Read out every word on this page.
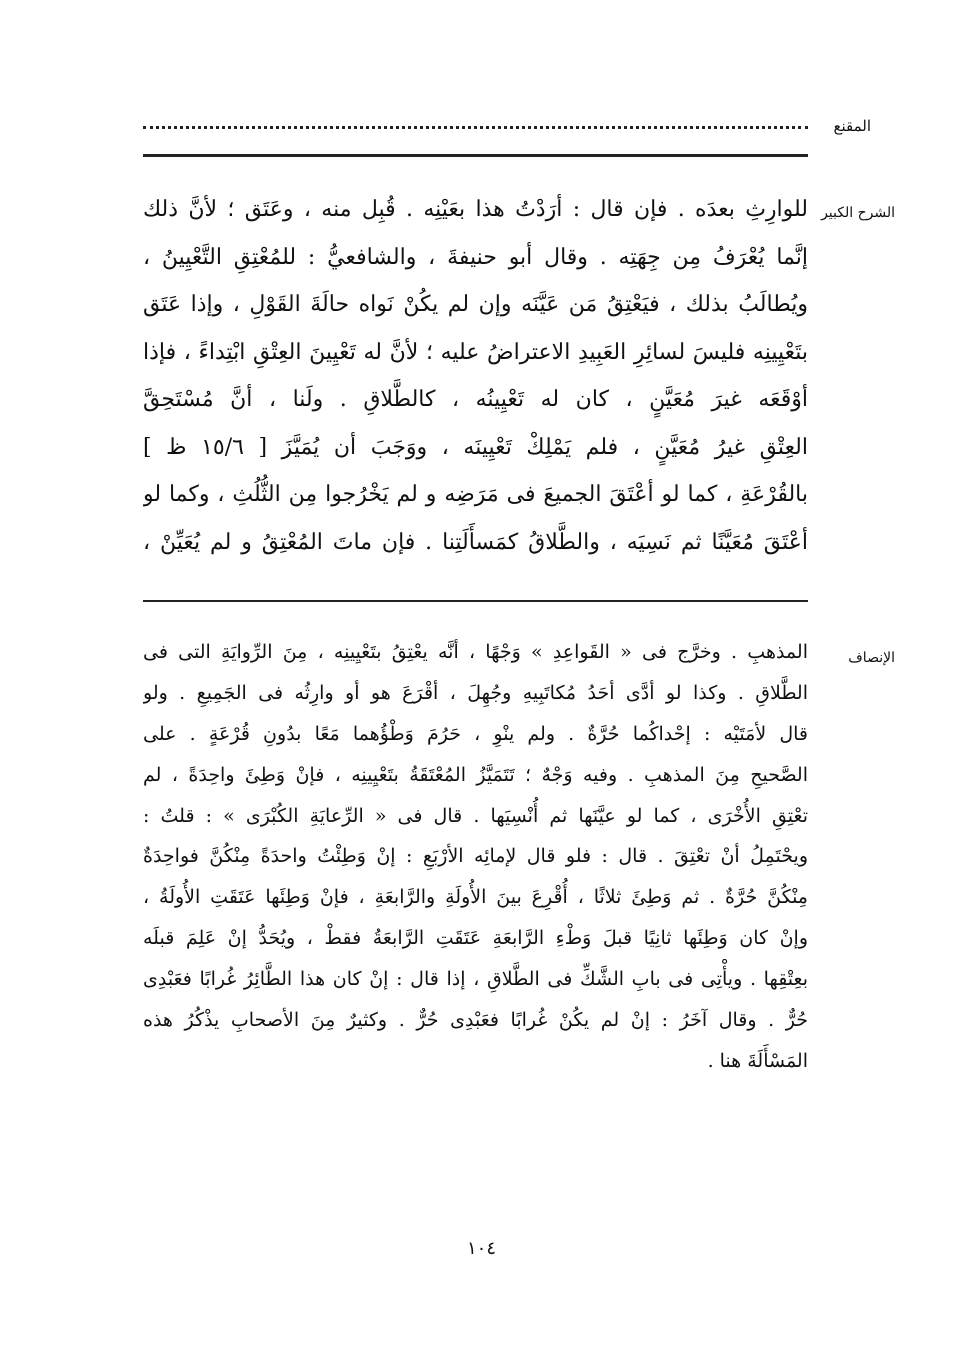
المقنع
الشرح الكبير

للوارِثِ بعدَه . فإن قال : أرَدْتُ هذا بعَيْنِه . قُبِل منه ، وعَتَق ؛ لأنَّ ذلك

إنَّما يُعْرَفُ مِن جِهَتِه . وقال أبو حنيفةَ ، والشافعيُّ : للمُعْتِقِ التَّعْيِينُ ،

ويُطالَبُ بذلك ، فيَعْتِقُ مَن عَيَّنَه وإن لم يكُنْ نَواه حالَةَ القَوْلِ ، وإذا عَتَق

بتَعْيِينِه فليسَ لسائِرِ العَبِيدِ الاعتراضُ عليه ؛ لأنَّ له تَعْيِينَ العِتْقِ ابْتِداءً ، فإذا

أوْقَعَه غيرَ مُعَيَّنٍ ، كان له تَعْيِينُه ، كالطَّلاقِ . ولَنا ، أنَّ مُسْتَحِقَّ

العِتْقِ غيرُ مُعَيَّنٍ ، فلم يَمْلِكْ تَعْيِينَه ، ووَجَبَ أن يُمَيَّزَ [ ١٥/٦ ظ ]

بالقُرْعَةِ ، كما لو أعْتَقَ الجميعَ فى مَرَضِه و لم يَخْرُجوا مِن الثُّلُثِ ، وكما لو

أعْتَقَ مُعَيَّنًا ثم نَسِيَه ، والطَّلاقُ كمَسأَلَتِنا . فإن ماتَ المُعْتِقُ و لم يُعَيِّنْ ،

الإنصاف

المذهبِ . وخرَّج فى « القَواعِدِ » وَجْهًا ، أنَّه يعْتِقُ بتَعْيِينِه ، مِنَ الرِّوايَةِ التى فى

الطَّلاقِ . وكذا لو أدَّى أحَدُ مُكاتَبِيهِ وجُهِلَ ، أقْرَعَ هو أو وارِثُه فى الجَمِيعِ . ولو

قال لأمَتَيْه : إحْداكُما حُرَّةٌ . ولم ينْوِ ، حَرُمَ وَطْؤُهما مَعًا بدُونِ قُرْعَةٍ . على

الصَّحيحِ مِنَ المذهبِ . وفيه وَجْهٌ ؛ تَتَمَيَّزُ المُعْتَقَةُ بتَعْيِينِه ، فإنْ وَطِئَ واحِدَةً ، لم

تعْتِقِ الأُخْرَى ، كما لو عيَّنَها ثم أُنْسِيَها . قال فى « الرِّعايَةِ الكُبْرَى » : قلتُ :

ويحْتَمِلُ أنْ تعْتِقَ . قال : فلو قال لإمائِه الأرْبَعِ : إنْ وَطِئْتُ واحدَةً مِنْكُنَّ فواحِدَةٌ

مِنْكُنَّ حُرَّةٌ . ثم وَطِئَ ثلاثًا ، أُقْرِعَ بينَ الأُولَةِ والرَّابعَةِ ، فإنْ وَطِئَها عَتَقَتِ الأُولَةُ ،

وإنْ كان وَطِئَها ثانِيًا قبلَ وَطْءِ الرَّابعَةِ عَتَقَتِ الرَّابعَةُ فقطْ ، ويُحَدُّ إنْ عَلِمَ قبلَه

بعِتْقِها . ويأْتِى فى بابِ الشَّكِّ فى الطَّلاقِ ، إذا قال : إنْ كان هذا الطَّائِرُ غُرابًا فعَبْدِى

حُرٌّ . وقال آخَرُ : إنْ لم يكُنْ غُرابًا فعَبْدِى حُرٌّ . وكثيرٌ مِنَ الأصحابِ يذْكُرُ هذه

المَسْأَلَةَ هنا .

١٠٤
